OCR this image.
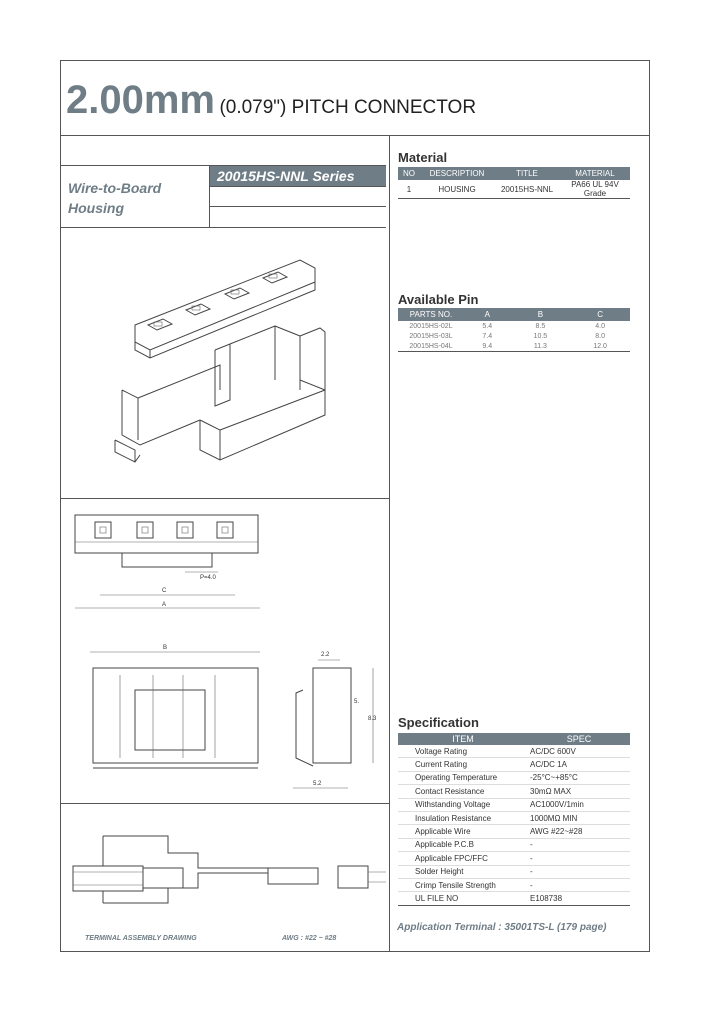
2.00mm (0.079") PITCH CONNECTOR
Wire-to-Board
Housing
20015HS-NNL Series
Material
NO	DESCRIPTION	TITLE	MATERIAL
1	HOUSING	20015HS-NNL	PA66 UL 94V Grade
Available Pin
PARTS NO.	A	B	C
20015HS-02L	5.4	8.5	4.0
20015HS-03L	7.4	10.5	8.0
20015HS-04L	9.4	11.3	12.0
Specification
ITEM	SPEC
Voltage Rating	AC/DC 600V
Current Rating	AC/DC 1A
Operating Temperature	-25°C~+85°C
Contact Resistance	30mΩ MAX
Withstanding Voltage	AC1000V/1min
Insulation Resistance	1000MΩ MIN
Applicable Wire	AWG #22~#28
Applicable P.C.B	-
Applicable FPC/FFC	-
Solder Height	-
Crimp Tensile Strength	-
UL FILE NO	E108738
Application Terminal : 35001TS-L (179 page)
TERMINAL ASSEMBLY DRAWING	AWG : #22 ~ #28
P=4.0
C
A
B
2.2
5.
8.3
5.2
